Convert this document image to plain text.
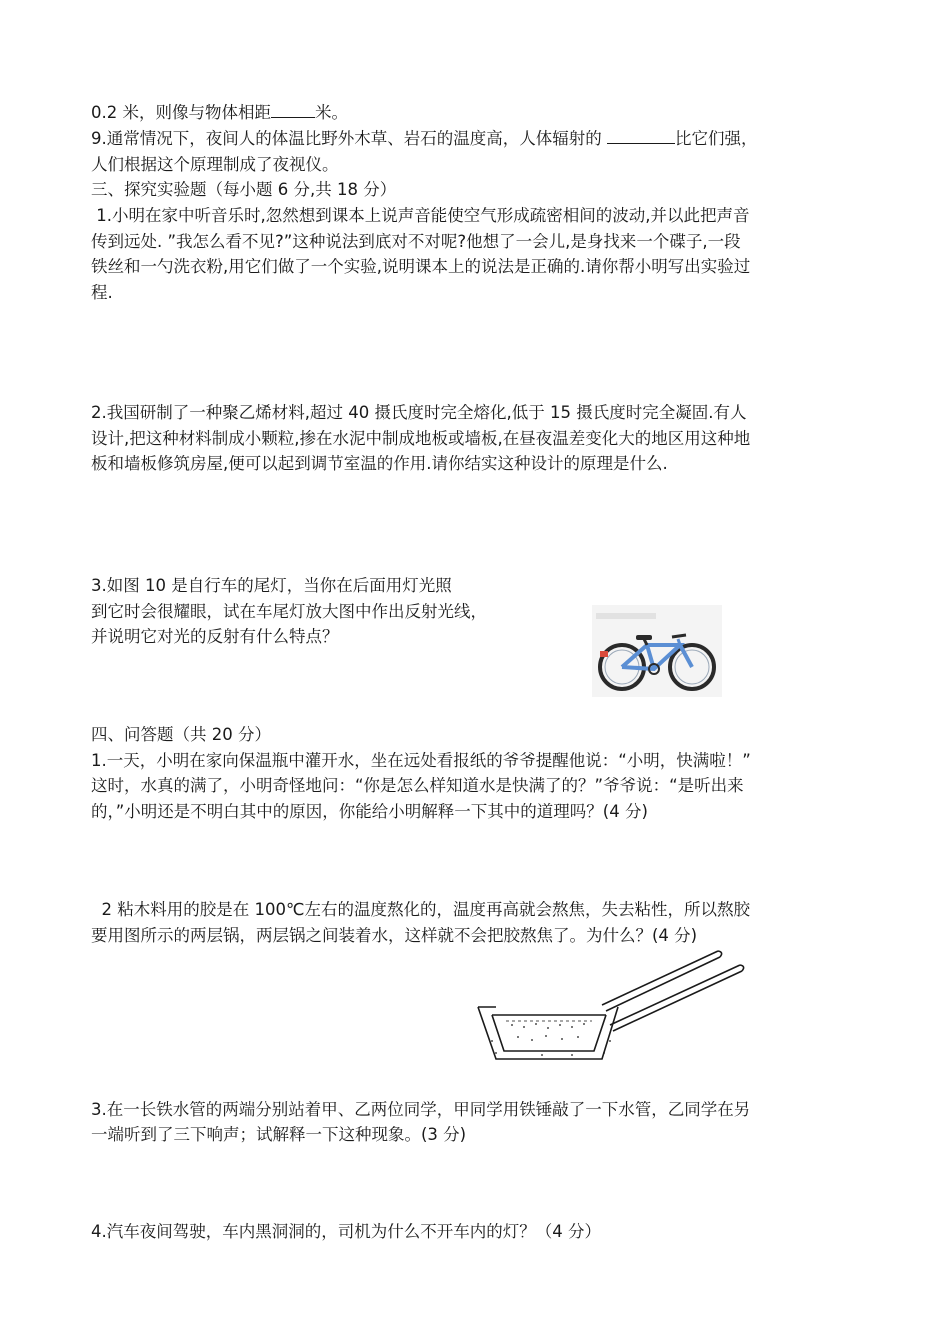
0.2 米，则像与物体相距	米。
9.通常情况下，夜间人的体温比野外木草、岩石的温度高，人体辐射的	比它们强，
人们根据这个原理制成了夜视仪。
三、探究实验题（每小题 6 分,共 18 分）
1.小明在家中听音乐时,忽然想到课本上说声音能使空气形成疏密相间的波动,并以此把声音
传到远处. ”我怎么看不见?”这种说法到底对不对呢?他想了一会儿,是身找来一个碟子,一段
铁丝和一勺洗衣粉,用它们做了一个实验,说明课本上的说法是正确的.请你帮小明写出实验过
程.
2.我国研制了一种聚乙烯材料,超过 40 摄氏度时完全熔化,低于 15 摄氏度时完全凝固.有人
设计,把这种材料制成小颗粒,掺在水泥中制成地板或墙板,在昼夜温差变化大的地区用这种地
板和墙板修筑房屋,便可以起到调节室温的作用.请你结实这种设计的原理是什么.
3.如图 10 是自行车的尾灯，当你在后面用灯光照
到它时会很耀眼，试在车尾灯放大图中作出反射光线，
并说明它对光的反射有什么特点？
四、问答题（共 20 分）
1.一天，小明在家向保温瓶中灌开水，坐在远处看报纸的爷爷提醒他说：“小明，快满啦！”
这时，水真的满了，小明奇怪地问：“你是怎么样知道水是快满了的？”爷爷说：“是听出来
的，”小明还是不明白其中的原因，你能给小明解释一下其中的道理吗？(4 分)
2 粘木料用的胶是在 100℃左右的温度熬化的，温度再高就会熬焦，失去粘性，所以熬胶
要用图所示的两层锅，两层锅之间装着水，这样就不会把胶熬焦了。为什么？(4 分)
3.在一长铁水管的两端分别站着甲、乙两位同学，甲同学用铁锤敲了一下水管，乙同学在另
一端听到了三下响声；试解释一下这种现象。(3 分)
4.汽车夜间驾驶，车内黑洞洞的，司机为什么不开车内的灯？（4 分）
